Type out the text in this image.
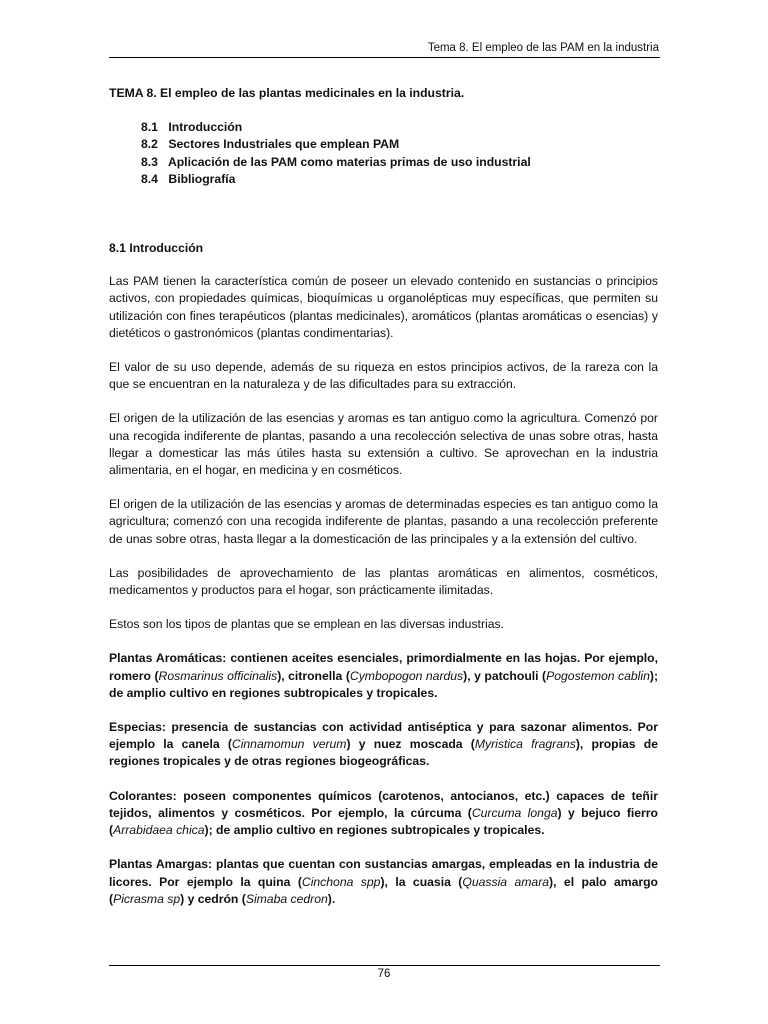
Tema 8. El empleo de las PAM en la industria
TEMA 8. El empleo de las plantas medicinales en la industria.
8.1 Introducción
8.2 Sectores Industriales que emplean PAM
8.3 Aplicación de las PAM como materias primas de uso industrial
8.4 Bibliografía
8.1 Introducción

Las PAM tienen la característica común de poseer un elevado contenido en sustancias o principios activos, con propiedades químicas, bioquímicas u organolépticas muy específicas, que permiten su utilización con fines terapéuticos (plantas medicinales), aromáticos (plantas aromáticas o esencias) y dietéticos o gastronómicos (plantas condimentarias).

El valor de su uso depende, además de su riqueza en estos principios activos, de la rareza con la que se encuentran en la naturaleza y de las dificultades para su extracción.

El origen de la utilización de las esencias y aromas es tan antiguo como la agricultura. Comenzó por una recogida indiferente de plantas, pasando a una recolección selectiva de unas sobre otras, hasta llegar a domesticar las más útiles hasta su extensión a cultivo. Se aprovechan en la industria alimentaria, en el hogar, en medicina y en cosméticos.

El origen de la utilización de las esencias y aromas de determinadas especies es tan antiguo como la agricultura; comenzó con una recogida indiferente de plantas, pasando a una recolección preferente de unas sobre otras, hasta llegar a la domesticación de las principales y a la extensión del cultivo.

Las posibilidades de aprovechamiento de las plantas aromáticas en alimentos, cosméticos, medicamentos y productos para el hogar, son prácticamente ilimitadas.

Estos son los tipos de plantas que se emplean en las diversas industrias.

Plantas Aromáticas: contienen aceites esenciales, primordialmente en las hojas. Por ejemplo, romero (Rosmarinus officinalis), citronella (Cymbopogon nardus), y patchouli (Pogostemon cablin); de amplio cultivo en regiones subtropicales y tropicales.

Especias: presencia de sustancias con actividad antiséptica y para sazonar alimentos. Por ejemplo la canela (Cinnamomun verum) y nuez moscada (Myristica fragrans), propias de regiones tropicales y de otras regiones biogeográficas.

Colorantes: poseen componentes químicos (carotenos, antocianos, etc.) capaces de teñir tejidos, alimentos y cosméticos. Por ejemplo, la cúrcuma (Curcuma longa) y bejuco fierro (Arrabidaea chica); de amplio cultivo en regiones subtropicales y tropicales.

Plantas Amargas: plantas que cuentan con sustancias amargas, empleadas en la industria de licores. Por ejemplo la quina (Cinchona spp), la cuasia (Quassia amara), el palo amargo (Picrasma sp) y cedrón (Simaba cedron).

76
